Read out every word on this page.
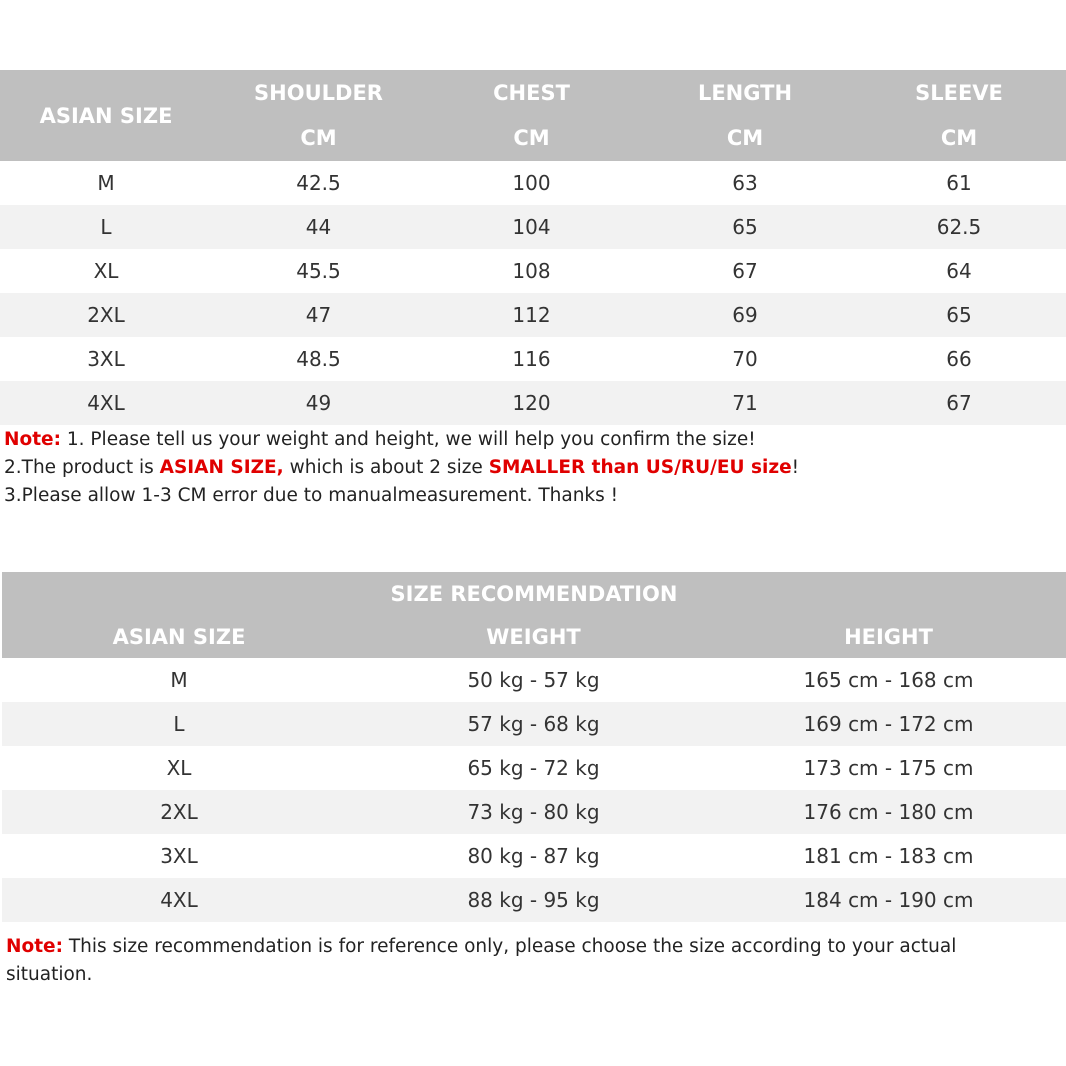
ASIAN SIZE	SHOULDER	CHEST	LENGTH	SLEEVE
	CM	CM	CM	CM
M	42.5	100	63	61
L	44	104	65	62.5
XL	45.5	108	67	64
2XL	47	112	69	65
3XL	48.5	116	70	66
4XL	49	120	71	67

Note: 1. Please tell us your weight and height, we will help you confirm the size!

2.The product is ASIAN SIZE, which is about 2 size SMALLER than US/RU/EU size!

3.Please allow 1-3 CM error due to manualmeasurement. Thanks !

SIZE RECOMMENDATION		
ASIAN SIZE	WEIGHT	HEIGHT
M	50 kg - 57 kg	165 cm - 168 cm
L	57 kg - 68 kg	169 cm - 172 cm
XL	65 kg - 72 kg	173 cm - 175 cm
2XL	73 kg - 80 kg	176 cm - 180 cm
3XL	80 kg - 87 kg	181 cm - 183 cm
4XL	88 kg - 95 kg	184 cm - 190 cm
Note: This size recommendation is for reference only, please choose the size according to your actual situation.
